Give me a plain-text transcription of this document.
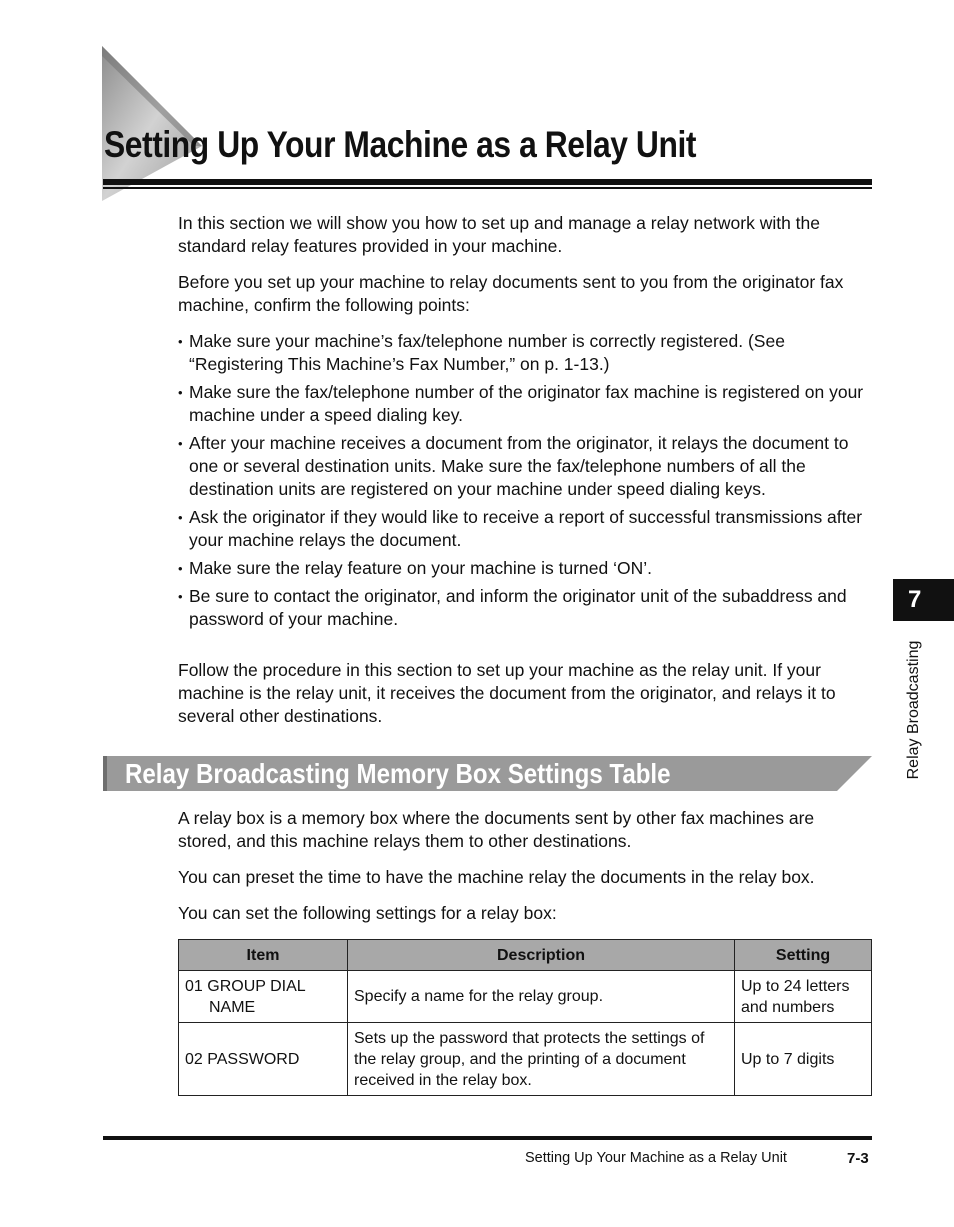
Setting Up Your Machine as a Relay Unit

In this section we will show you how to set up and manage a relay network with the standard relay features provided in your machine.

Before you set up your machine to relay documents sent to you from the originator fax machine, confirm the following points:

• Make sure your machine’s fax/telephone number is correctly registered. (See “Registering This Machine’s Fax Number,” on p. 1-13.)
• Make sure the fax/telephone number of the originator fax machine is registered on your machine under a speed dialing key.
• After your machine receives a document from the originator, it relays the document to one or several destination units. Make sure the fax/telephone numbers of all the destination units are registered on your machine under speed dialing keys.
• Ask the originator if they would like to receive a report of successful transmissions after your machine relays the document.
• Make sure the relay feature on your machine is turned ‘ON’.
• Be sure to contact the originator, and inform the originator unit of the subaddress and password of your machine.

Follow the procedure in this section to set up your machine as the relay unit. If your machine is the relay unit, it receives the document from the originator, and relays it to several other destinations.

Relay Broadcasting Memory Box Settings Table

A relay box is a memory box where the documents sent by other fax machines are stored, and this machine relays them to other destinations.

You can preset the time to have the machine relay the documents in the relay box.

You can set the following settings for a relay box:

Item	Description	Setting
01 GROUP DIAL
NAME	Specify a name for the relay group.	Up to 24 letters and numbers
02 PASSWORD	Sets up the password that protects the settings of the relay group, and the printing of a document received in the relay box.	Up to 7 digits
7
Relay Broadcasting
Setting Up Your Machine as a Relay Unit	7-3
